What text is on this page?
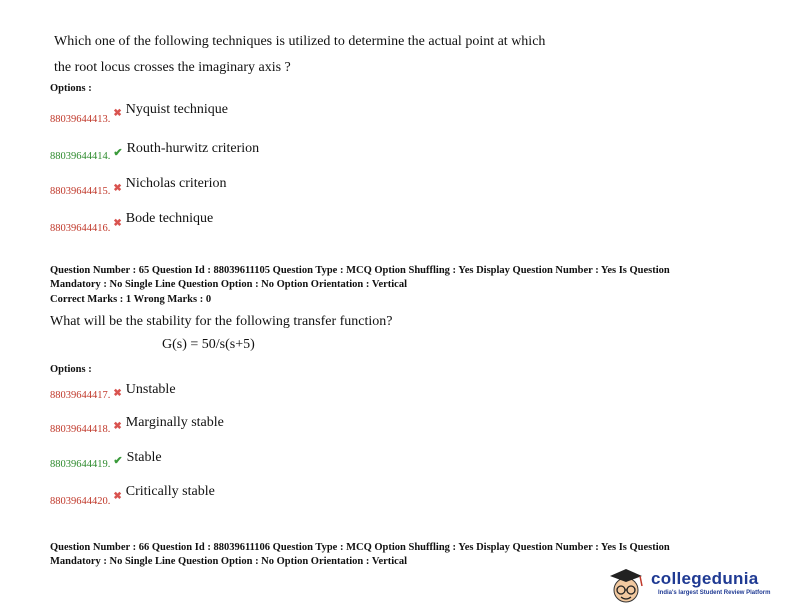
Which one of the following techniques is utilized to determine the actual point at which
the root locus crosses the imaginary axis ?
Options :
$_{88039644413.}$✖ Nyquist technique
$_{88039644414.}$ ✔ Routh-hurwitz criterion
$_{88039644415.}$ ✖ Nicholas criterion
$_{88039644416.}$ ✖ Bode technique
Question Number : 65 Question Id : 88039611105 Question Type : MCQ Option Shuffling : Yes Display Question Number : Yes Is Question
Mandatory : No Single Line Question Option : No Option Orientation : Vertical
Correct Marks : 1 Wrong Marks : 0
What will be the stability for the following transfer function?
G(s) = 50/s(s+5)
Options :
$_{88039644417.}$ ✖ Unstable
$_{88039644418.}$ ✖ Marginally stable
$_{88039644419.}$ ✔ Stable
$_{88039644420.}$ ✖ Critically stable
Question Number : 66 Question Id : 88039611106 Question Type : MCQ Option Shuffling : Yes Display Question Number : Yes Is Question
Mandatory : No Single Line Question Option : No Option Orientation : Vertical
collegedunia
India's largest Student Review Platform
